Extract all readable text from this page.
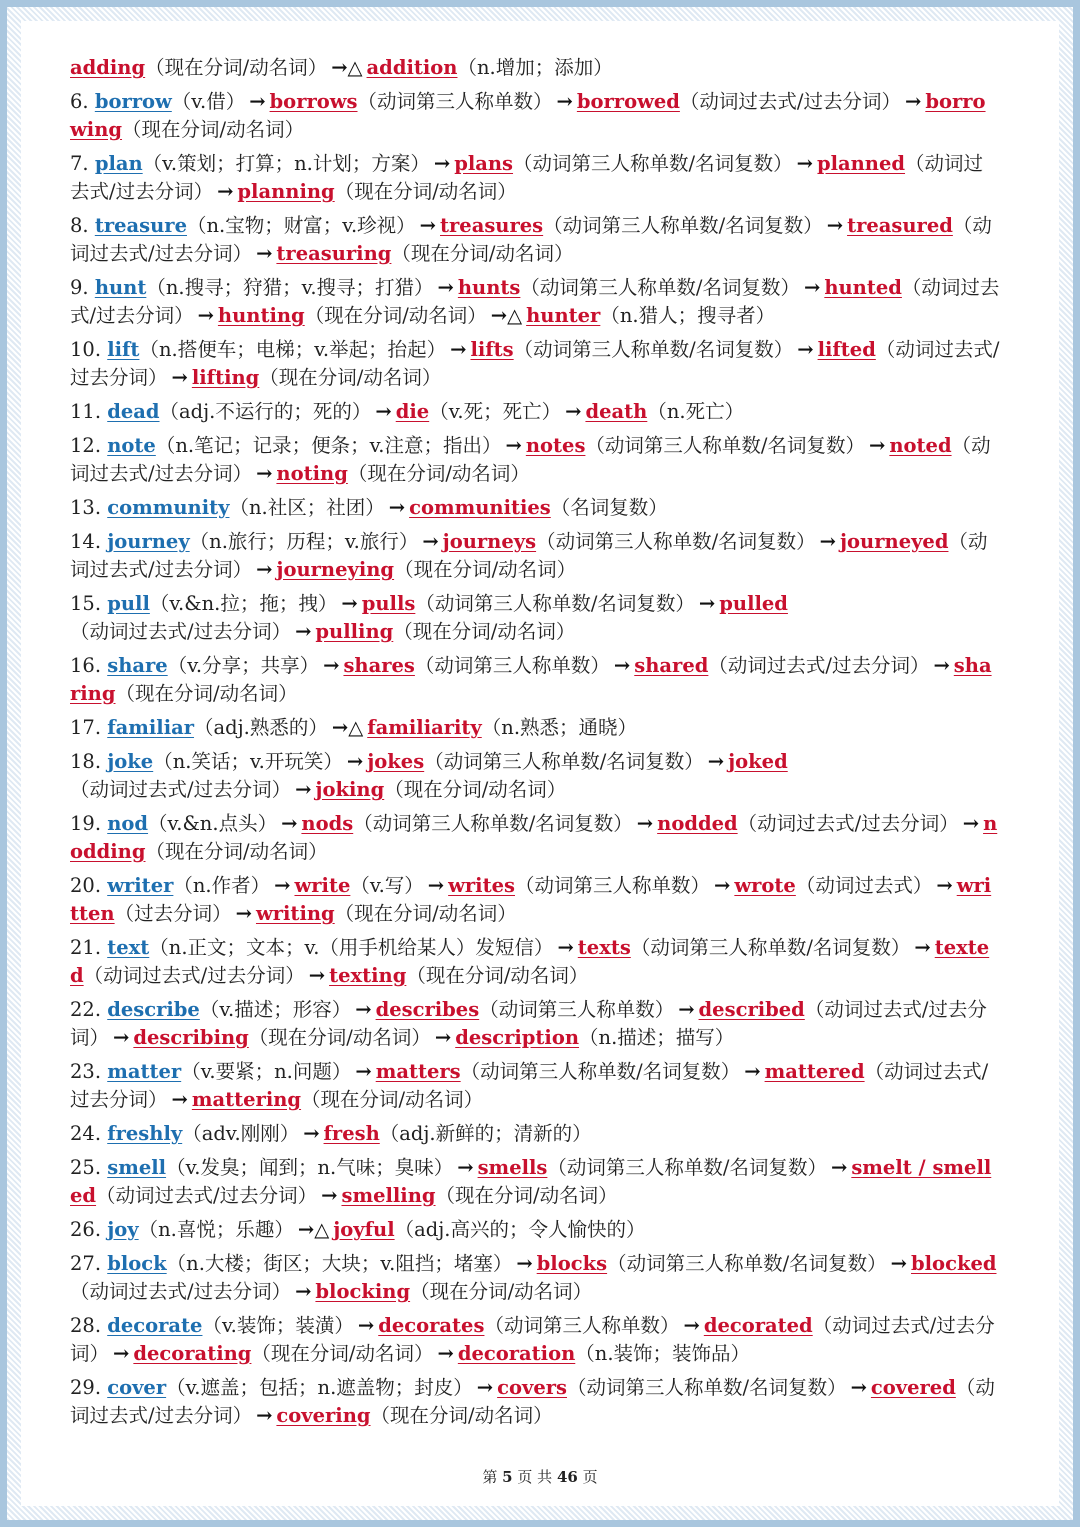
adding（现在分词/动名词） →△ addition（n.增加；添加）
6. borrow（v.借） → borrows（动词第三人称单数） → borrowed（动词过去式/过去分词） → borrowing（现在分词/动名词）
7. plan（v.策划；打算；n.计划；方案） → plans（动词第三人称单数/名词复数） → planned（动词过去式/过去分词） → planning（现在分词/动名词）
8. treasure（n.宝物；财富；v.珍视） → treasures（动词第三人称单数/名词复数） → treasured（动词过去式/过去分词） → treasuring（现在分词/动名词）
9. hunt（n.搜寻；狩猎；v.搜寻；打猎） → hunts（动词第三人称单数/名词复数） → hunted（动词过去式/过去分词） → hunting（现在分词/动名词） →△ hunter（n.猎人；搜寻者）
10. lift（n.搭便车；电梯；v.举起；抬起） → lifts（动词第三人称单数/名词复数） → lifted（动词过去式/过去分词） → lifting（现在分词/动名词）
11. dead（adj.不运行的；死的） → die（v.死；死亡） → death（n.死亡）
12. note（n.笔记；记录；便条；v.注意；指出） → notes（动词第三人称单数/名词复数） → noted（动词过去式/过去分词） → noting（现在分词/动名词）
13. community（n.社区；社团） → communities（名词复数）
14. journey（n.旅行；历程；v.旅行） → journeys（动词第三人称单数/名词复数） → journeyed（动词过去式/过去分词） → journeying（现在分词/动名词）
15. pull（v.&n.拉；拖；拽） → pulls（动词第三人称单数/名词复数） → pulled（动词过去式/过去分词） → pulling（现在分词/动名词）
16. share（v.分享；共享） → shares（动词第三人称单数） → shared（动词过去式/过去分词） → sharing（现在分词/动名词）
17. familiar（adj.熟悉的） →△ familiarity（n.熟悉；通晓）
18. joke（n.笑话；v.开玩笑） → jokes（动词第三人称单数/名词复数） → joked（动词过去式/过去分词） → joking（现在分词/动名词）
19. nod（v.&n.点头） → nods（动词第三人称单数/名词复数） → nodded（动词过去式/过去分词） → nodding（现在分词/动名词）
20. writer（n.作者） → write（v.写） → writes（动词第三人称单数） → wrote（动词过去式） → written（过去分词） → writing（现在分词/动名词）
21. text（n.正文；文本；v.（用手机给某人）发短信） → texts（动词第三人称单数/名词复数） → texted（动词过去式/过去分词） → texting（现在分词/动名词）
22. describe（v.描述；形容） → describes（动词第三人称单数） → described（动词过去式/过去分词） → describing（现在分词/动名词） → description（n.描述；描写）
23. matter（v.要紧；n.问题） → matters（动词第三人称单数/名词复数） → mattered（动词过去式/过去分词） → mattering（现在分词/动名词）
24. freshly（adv.刚刚） → fresh（adj.新鲜的；清新的）
25. smell（v.发臭；闻到；n.气味；臭味） → smells（动词第三人称单数/名词复数） → smelt / smelled（动词过去式/过去分词） → smelling（现在分词/动名词）
26. joy（n.喜悦；乐趣） →△ joyful（adj.高兴的；令人愉快的）
27. block（n.大楼；街区；大块；v.阻挡；堵塞） → blocks（动词第三人称单数/名词复数） → blocked（动词过去式/过去分词） → blocking（现在分词/动名词）
28. decorate（v.装饰；装潢） → decorates（动词第三人称单数） → decorated（动词过去式/过去分词） → decorating（现在分词/动名词） → decoration（n.装饰；装饰品）
29. cover（v.遮盖；包括；n.遮盖物；封皮） → covers（动词第三人称单数/名词复数） → covered（动词过去式/过去分词） → covering（现在分词/动名词）
第 5 页 共 46 页
